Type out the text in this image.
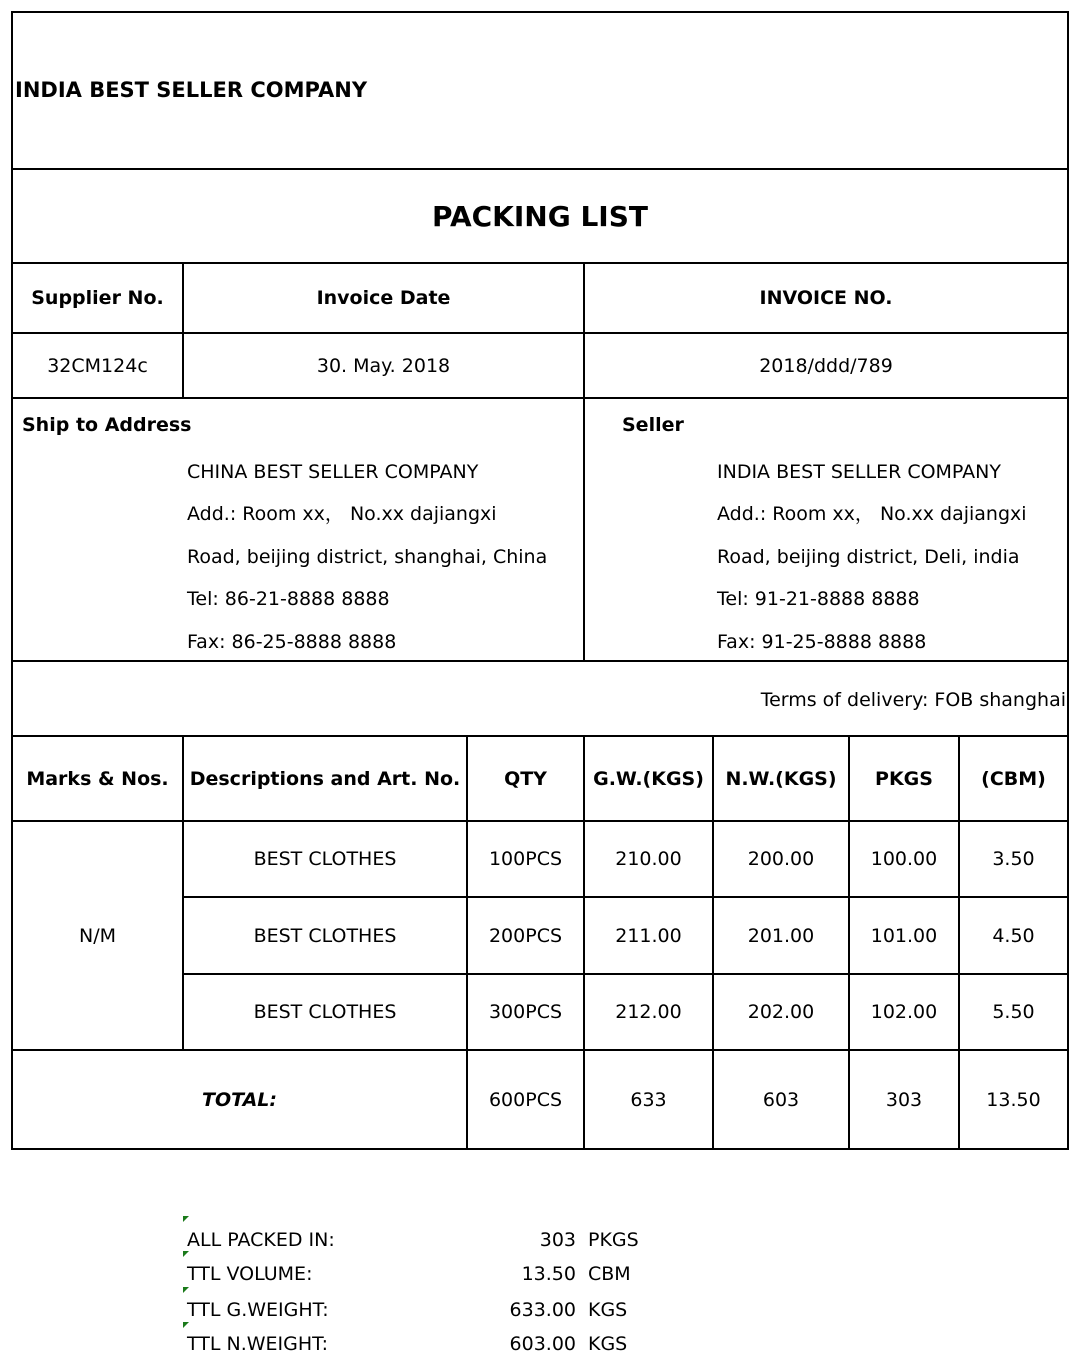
INDIA BEST SELLER COMPANY
PACKING LIST
Supplier No.	Invoice Date	INVOICE NO.
32CM124c	30. May. 2018	2018/ddd/789
Ship to Address
CHINA BEST SELLER COMPANY
Add.: Room xx， No.xx dajiangxi
Road, beijing district, shanghai, China
Tel: 86-21-8888 8888
Fax: 86-25-8888 8888
Seller
INDIA BEST SELLER COMPANY
Add.: Room xx， No.xx dajiangxi
Road, beijing district, Deli, india
Tel: 91-21-8888 8888
Fax: 91-25-8888 8888
Terms of delivery: FOB shanghai
Marks & Nos.	Descriptions and Art. No.	QTY	G.W.(KGS)	N.W.(KGS)	PKGS	(CBM)
N/M
BEST CLOTHES	100PCS	210.00	200.00	100.00	3.50
BEST CLOTHES	200PCS	211.00	201.00	101.00	4.50
BEST CLOTHES	300PCS	212.00	202.00	102.00	5.50
TOTAL:	600PCS	633	603	303	13.50
ALL PACKED IN:	303 PKGS
TTL VOLUME:	13.50 CBM
TTL G.WEIGHT:	633.00 KGS
TTL N.WEIGHT:	603.00 KGS
